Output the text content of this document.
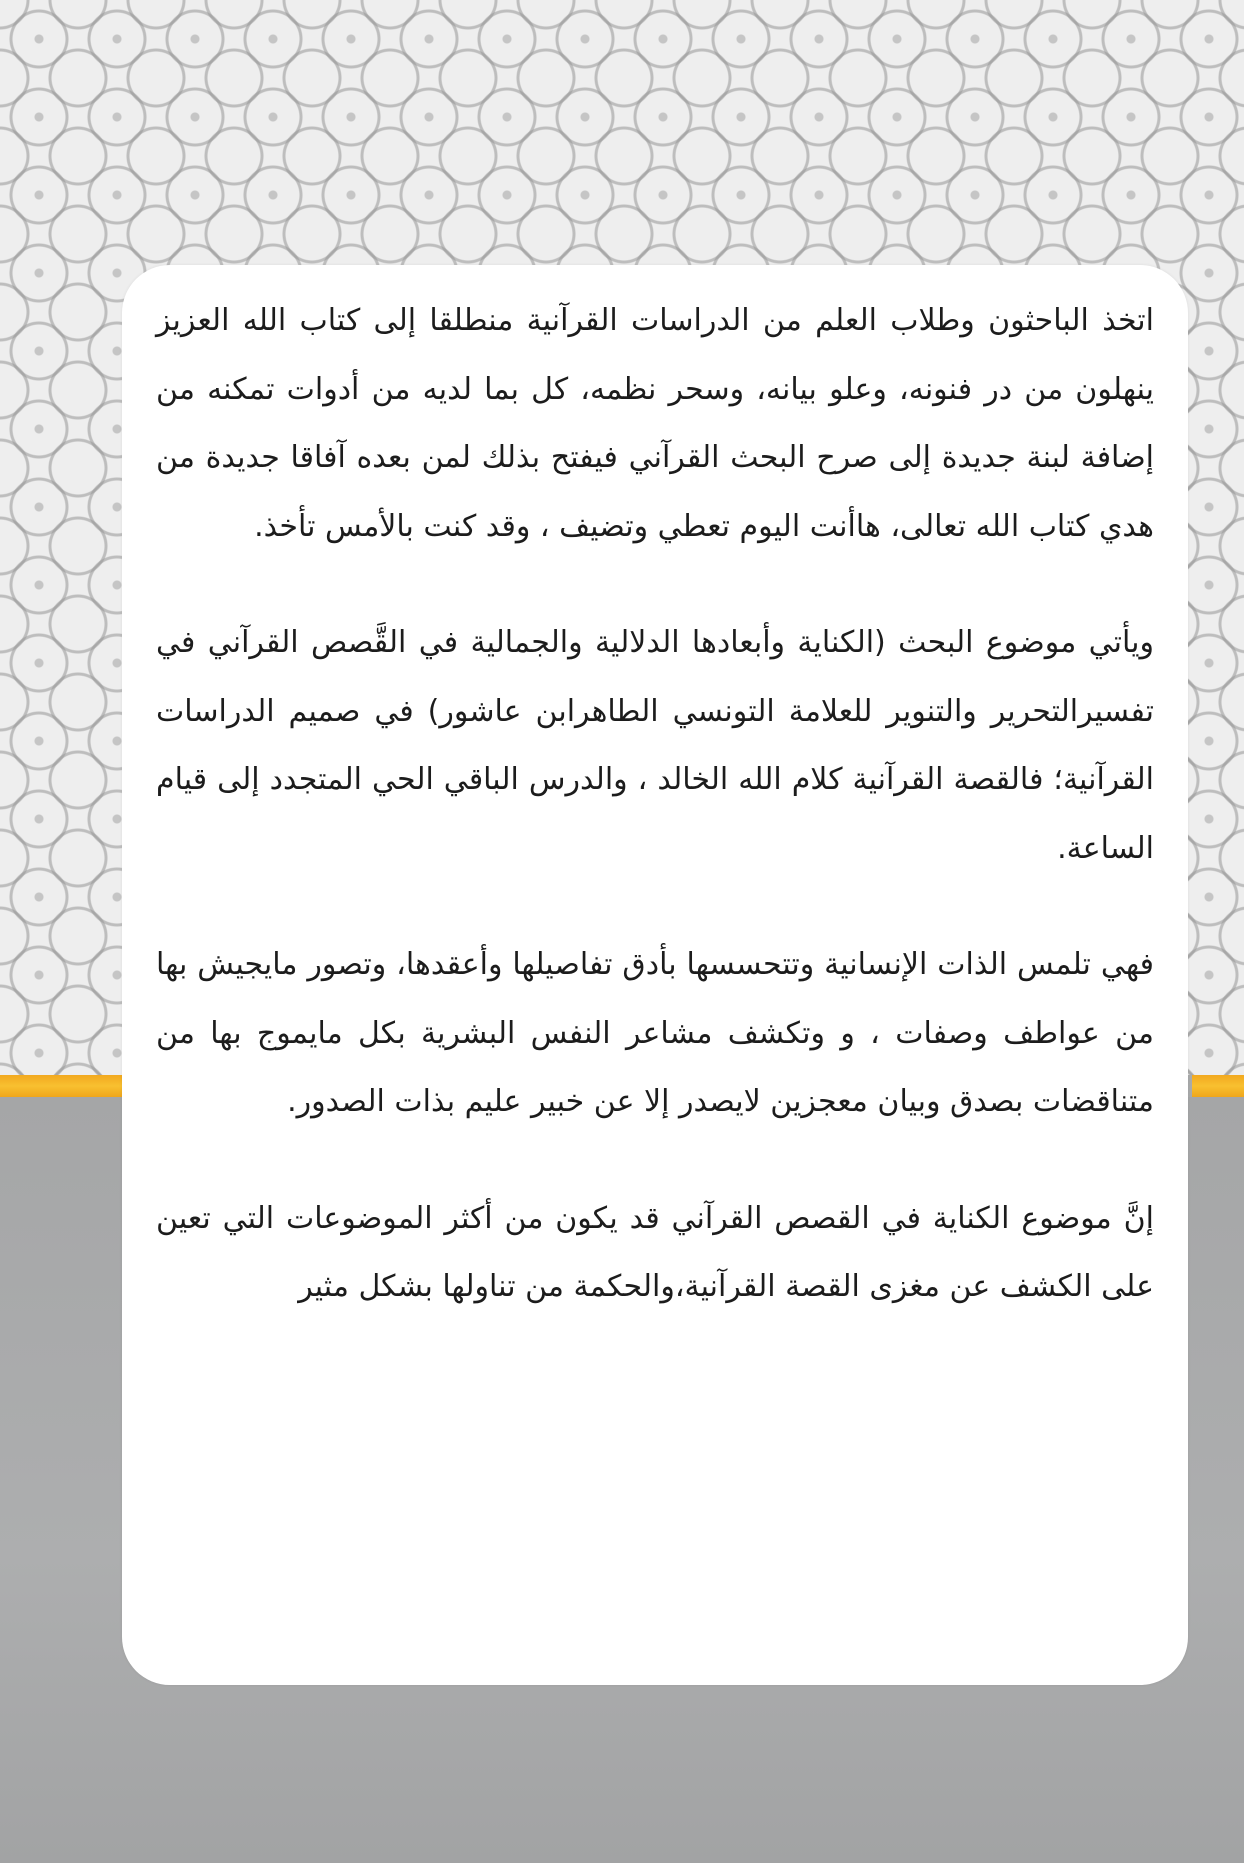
اتخذ الباحثون وطلاب العلم من الدراسات القرآنية منطلقا إلى كتاب الله العزيز ينهلون من در فنونه، وعلو بيانه، وسحر نظمه، كل بما لديه من أدوات تمكنه من إضافة لبنة جديدة إلى صرح البحث القرآني فيفتح بذلك لمن بعده آفاقا جديدة من هدي كتاب الله تعالى، هاأنت اليوم تعطي وتضيف ، وقد كنت بالأمس تأخذ.

ويأتي موضوع البحث (الكناية وأبعادها الدلالية والجمالية في القَّصص القرآني في تفسيرالتحرير والتنوير للعلامة التونسي الطاهرابن عاشور) في صميم الدراسات القرآنية؛ فالقصة القرآنية كلام الله الخالد ، والدرس الباقي الحي المتجدد إلى قيام الساعة.

فهي تلمس الذات الإنسانية وتتحسسها بأدق تفاصيلها وأعقدها، وتصور مايجيش بها من عواطف وصفات ، و وتكشف مشاعر النفس البشرية بكل مايموج بها من متناقضات بصدق وبيان معجزين لايصدر إلا عن خبير عليم بذات الصدور.

إنَّ موضوع الكناية في القصص القرآني قد يكون من أكثر الموضوعات التي تعين على الكشف عن مغزى القصة القرآنية،والحكمة من تناولها بشكل مثير
